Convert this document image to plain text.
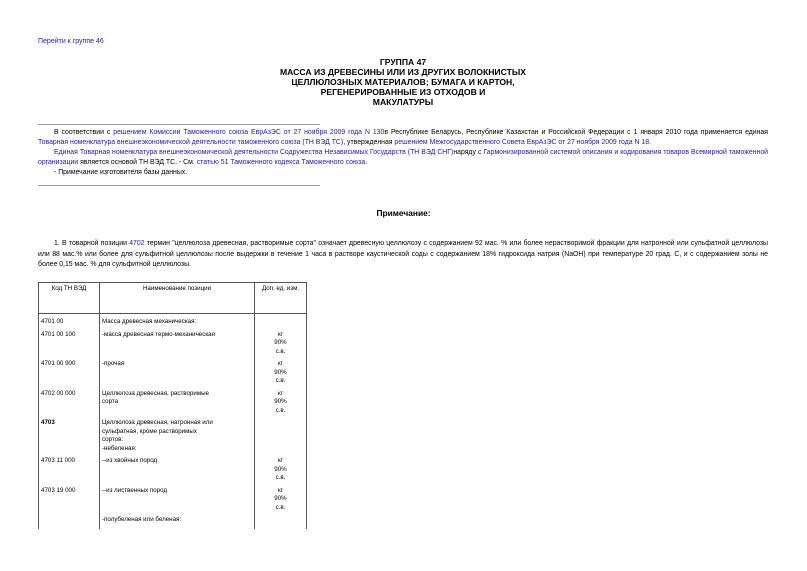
Перейти к группе 46
ГРУППА 47
МАССА ИЗ ДРЕВЕСИНЫ ИЛИ ИЗ ДРУГИХ ВОЛОКНИСТЫХ
ЦЕЛЛЮЛОЗНЫХ МАТЕРИАЛОВ; БУМАГА И КАРТОН,
РЕГЕНЕРИРОВАННЫЕ ИЗ ОТХОДОВ И
МАКУЛАТУРЫ

В соответствии с решением Комиссии Таможенного союза ЕврАзЭС от 27 ноября 2009 года N 130в Республике Беларусь, Республике Казахстан и Российской Федерации с 1 января 2010 года применяется единая Товарная номенклатура внешнеэкономической деятельности таможенного союза (ТН ВЭД ТС), утвержденная решением Межгосударственного Совета ЕврАзЭС от 27 ноября 2009 года N 18.

Единая Товарная номенклатура внешнеэкономической деятельности Содружества Независимых Государств (ТН ВЭД СНГ)наряду с Гармонизированной системой описания и кодирования товаров Всемирной таможенной организации является основой ТН ВЭД ТС. - См. статью 51 Таможенного кодекса Таможенного союза.

- Примечание изготовителя базы данных.

Примечание:

1. В товарной позиции 4702 термин "целлюлоза древесная, растворимые сорта" означает древесную целлюлозу с содержанием 92 мас. % или более нерастворимой фракции для натронной или сульфатной целлюлозы или 88 мас.% или более для сульфитной целлюлозы после выдержки в течение 1 часа в растворе каустической соды с содержанием 18% гидроксида натрия (NaOH) при температуре 20 град. С, и с содержанием золы не более 0,15 мас. % для сульфитной целлюлозы.

Код ТН ВЭД	Наименование позиции	Доп. ед. изм.

4701 00	Масса древесная механическая:	

4701 00 100	-масса древесная термо-механическая	кг
90%
с.в.

4701 00 900	-прочая	кг
90%
с.в.

4702 00 000	Целлюлоза древесная, растворимые
сорта	кг
90%
с.в.

4703	Целлюлоза древесная, натронная или
сульфатная, кроме растворимых
сортов:
-небеленая:	

4703 11 000	--из хвойных пород	кг
90%
с.в.

4703 19 000	--из лиственных пород	кг
90%
с.в.

	-полубеленая или беленая:	
